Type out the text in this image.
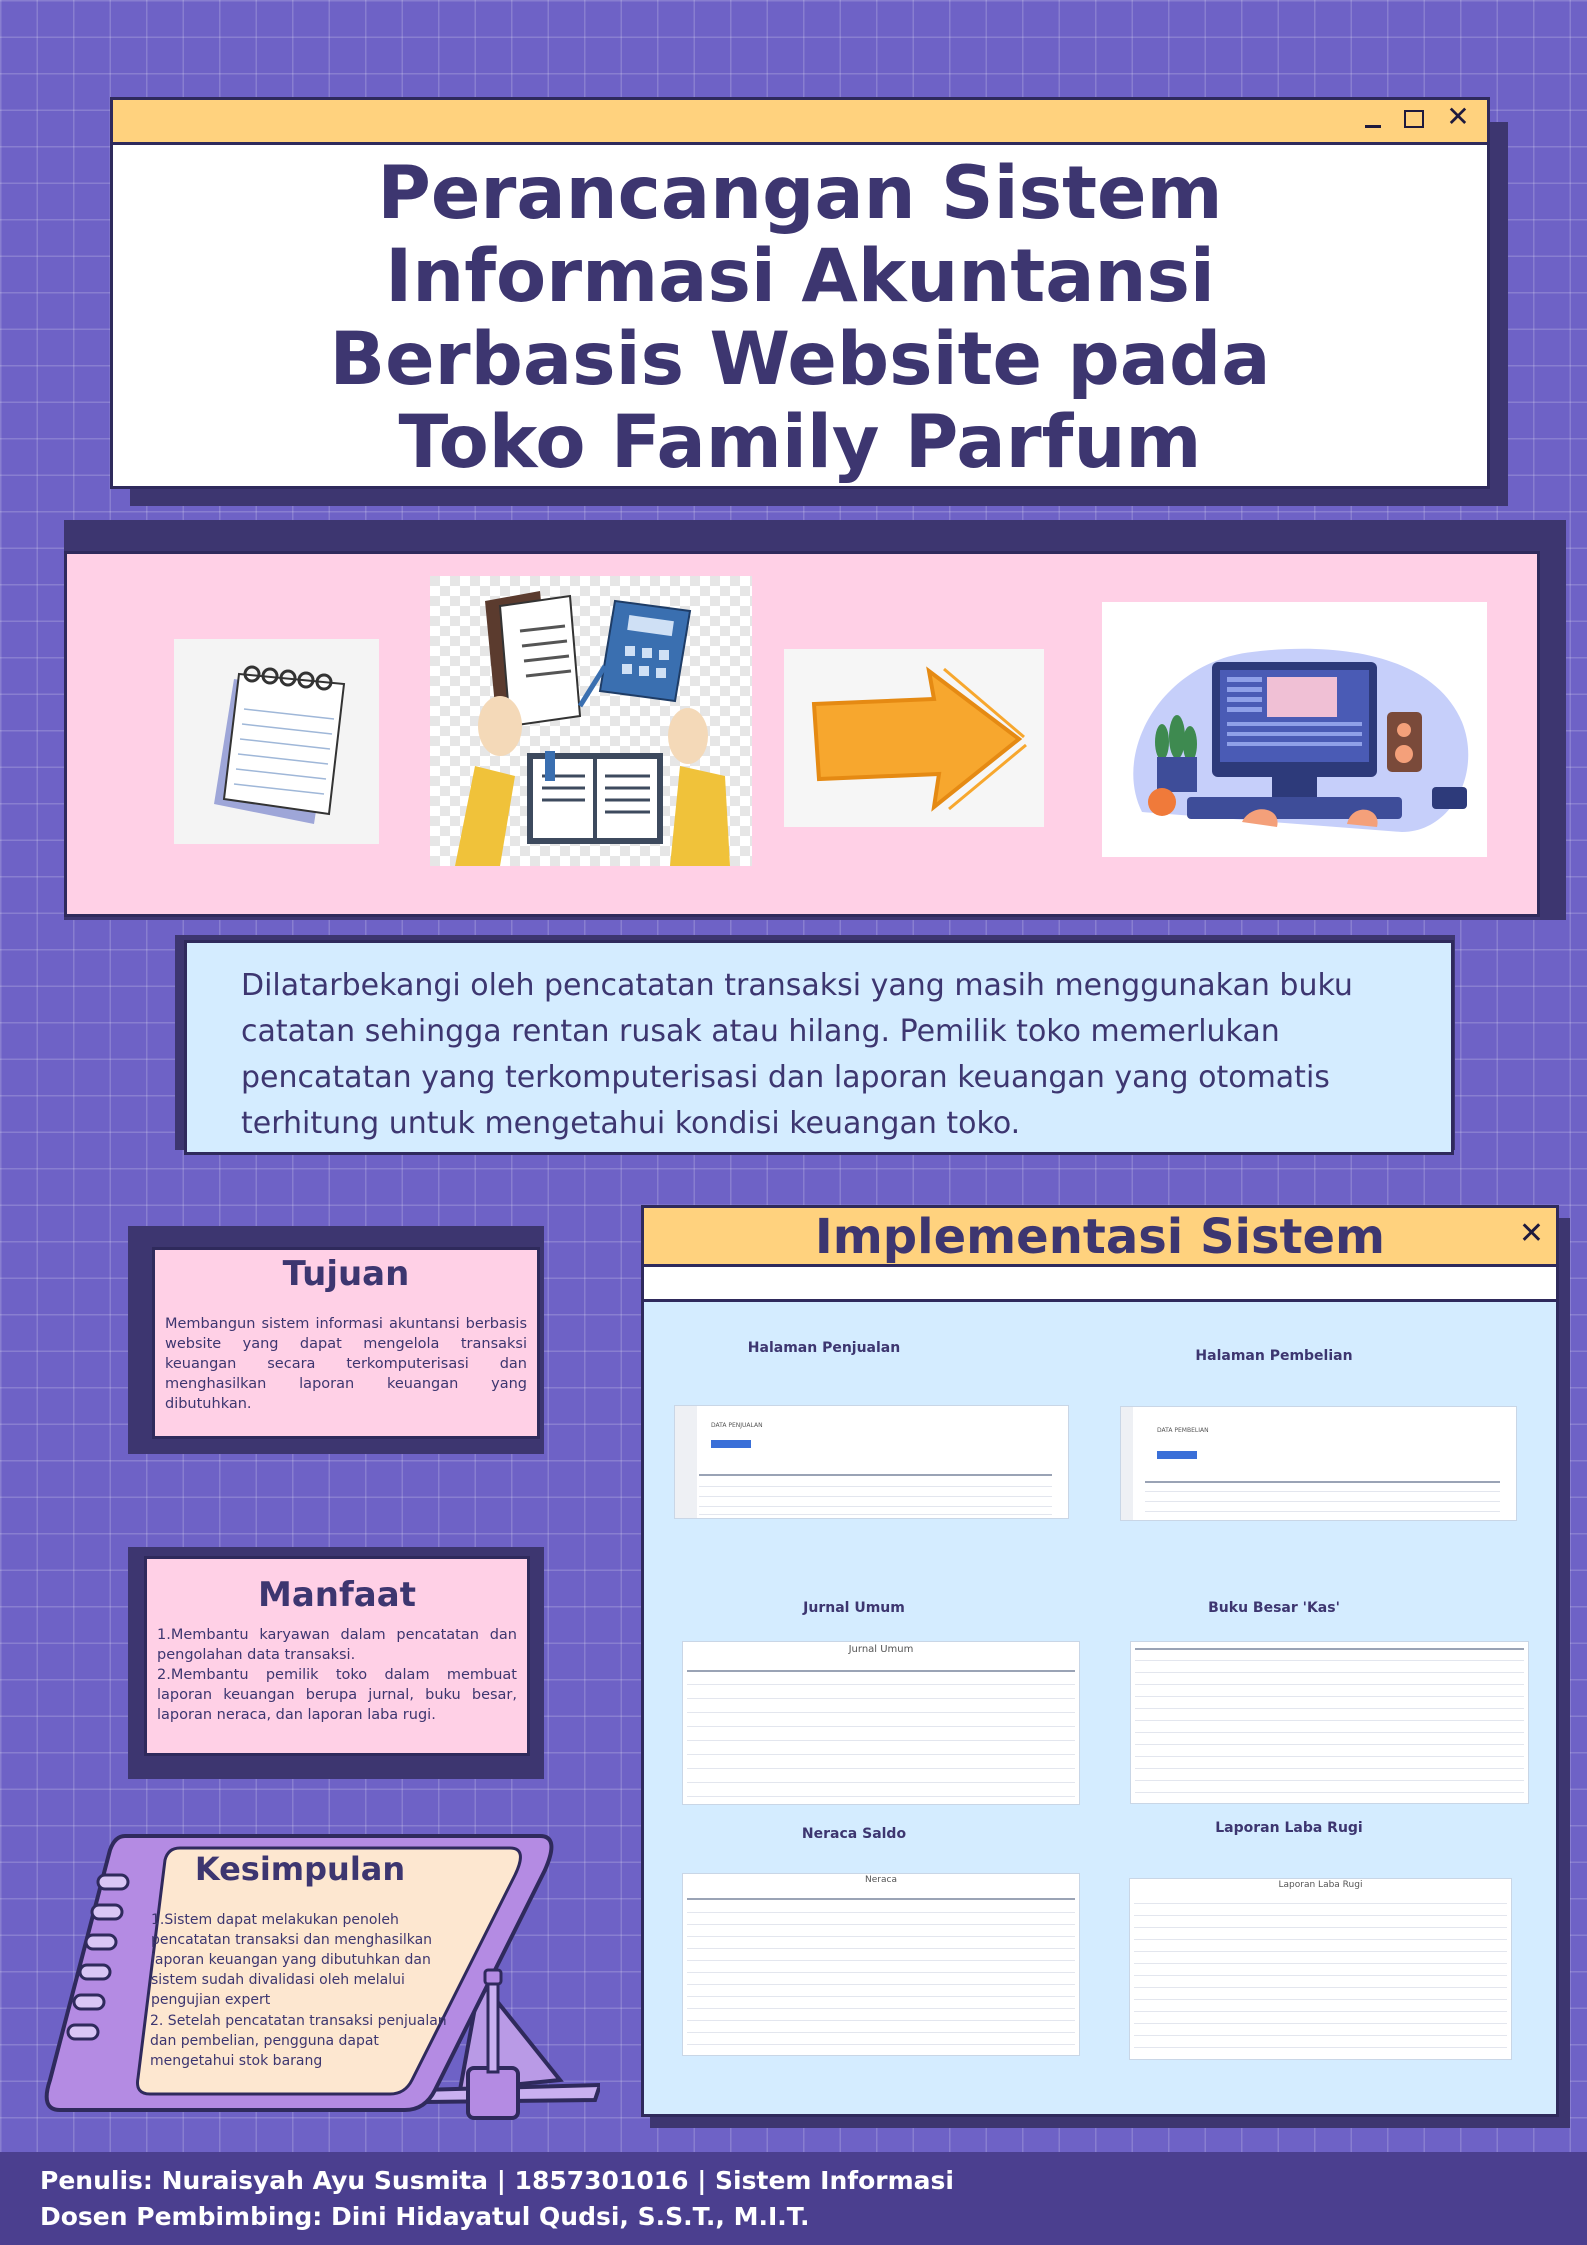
Perancangan Sistem
Informasi Akuntansi
Berbasis Website pada
Toko Family Parfum
✕
Dilatarbekangi oleh pencatatan transaksi yang masih menggunakan buku catatan sehingga rentan rusak atau hilang. Pemilik toko memerlukan pencatatan yang terkomputerisasi dan laporan keuangan yang otomatis terhitung untuk mengetahui kondisi keuangan toko.
Tujuan
Membangun sistem informasi akuntansi berbasis website yang dapat mengelola transaksi keuangan secara terkomputerisasi dan menghasilkan laporan keuangan yang dibutuhkan.
Manfaat
1.Membantu karyawan dalam pencatatan dan pengolahan data transaksi.
2.Membantu pemilik toko dalam membuat laporan keuangan berupa jurnal, buku besar, laporan neraca, dan laporan laba rugi.
Kesimpulan
1.Sistem dapat melakukan penoleh pencatatan transaksi dan menghasilkan laporan keuangan yang dibutuhkan dan sistem sudah divalidasi oleh melalui pengujian expert
2. Setelah pencatatan transaksi penjualan dan pembelian, pengguna dapat mengetahui stok barang
Implementasi Sistem	✕
Halaman Penjualan	Halaman Pembelian
Jurnal Umum	Buku Besar 'Kas'
Neraca Saldo	Laporan Laba Rugi
DATA PENJUALAN
DATA PEMBELIAN
Jurnal Umum
Neraca	Laporan Laba Rugi
Penulis: Nuraisyah Ayu Susmita | 1857301016 | Sistem Informasi
Dosen Pembimbing: Dini Hidayatul Qudsi, S.S.T., M.I.T.
